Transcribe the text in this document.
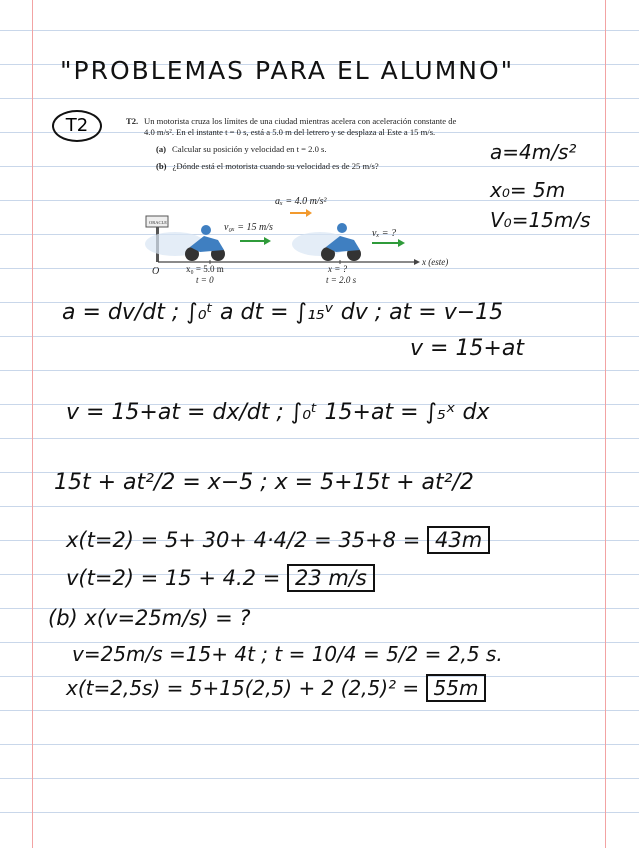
"PROBLEMAS PARA EL ALUMNO"
T2	T2. Un motorista cruza los límites de una ciudad mientras acelera con aceleración constante de 4.0 m/s². En el instante t = 0 s, está a 5.0 m del letrero y se desplaza al Este a 15 m/s.
(a) Calcular su posición y velocidad en t = 2.0 s.
(b) ¿Dónde está el motorista cuando su velocidad es de 25 m/s?
aₓ = 4.0 m/s²
ORACLE	v₀ₓ = 15 m/s
vₓ = ?
x (este)
O	x₀ = 5.0 m
t = 0
x = ?
t = 2.0 s
a=4m/s²
x₀= 5m
V₀=15m/s
a = dv/dt ; ∫₀ᵗ a dt = ∫₁₅ᵛ dv ; at = v−15
v = 15+at
v = 15+at = dx/dt ; ∫₀ᵗ 15+at = ∫₅ˣ dx
15t + at²/2 = x−5 ; x = 5+15t + at²/2
x(t=2) = 5+ 30+ 4·4/2 = 35+8 = 43m
v(t=2) = 15 + 4.2 = 23 m/s
(b) x(v=25m/s) = ?
v=25m/s =15+ 4t ; t = 10/4 = 5/2 = 2,5 s.
x(t=2,5s) = 5+15(2,5) + 2 (2,5)² = 55m
